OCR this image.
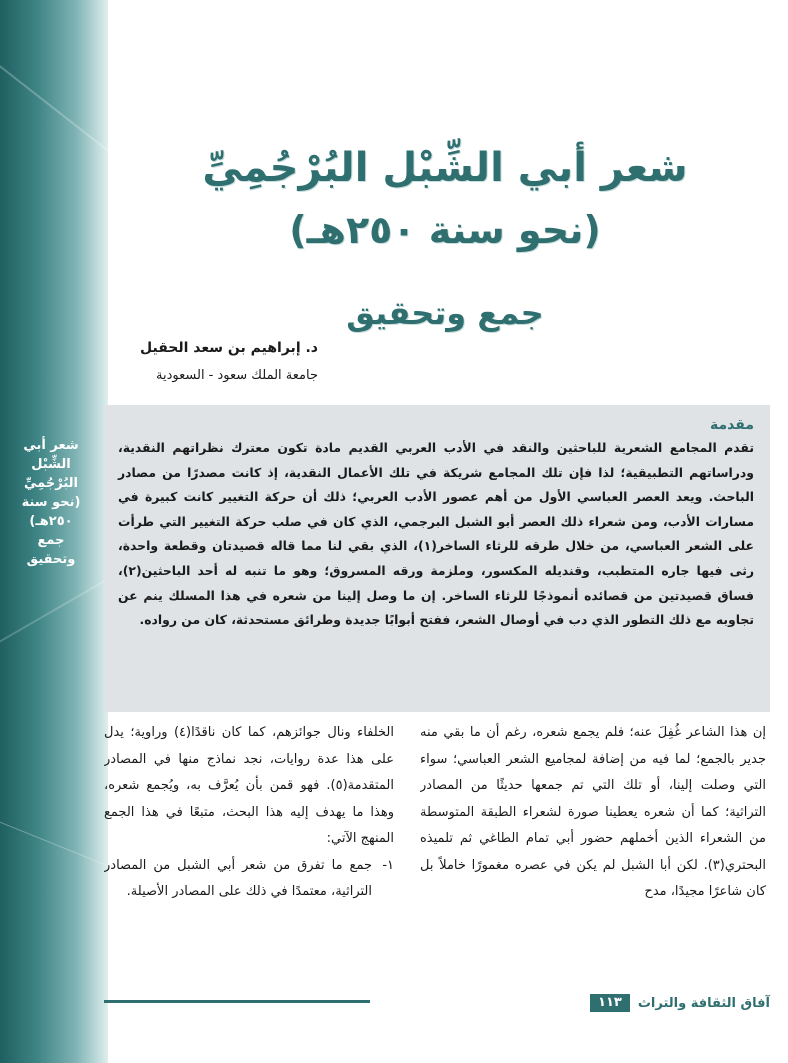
شعر أبي
الشِّبْل
البُرْجُمِيِّ
(نحو سنة
٢٥٠هـ)
جمع
وتحقيق
شعر أبي الشِّبْل البُرْجُمِيِّ
(نحو سنة ٢٥٠هـ)
جمع وتحقيق
د. إبراهيم بن سعد الحقيل
جامعة الملك سعود - السعودية
مقدمة

تقدم المجامع الشعرية للباحثين والنقد في الأدب العربي القديم مادة تكون معترك نظراتهم النقدية، ودراساتهم التطبيقية؛ لذا فإن تلك المجامع شريكة في تلك الأعمال النقدية، إذ كانت مصدرًا من مصادر الباحث. ويعد العصر العباسي الأول من أهم عصور الأدب العربي؛ ذلك أن حركة التغيير كانت كبيرة في مسارات الأدب، ومن شعراء ذلك العصر أبو الشبل البرجمي، الذي كان في صلب حركة التغيير التي طرأت على الشعر العباسي، من خلال طرقه للرثاء الساخر(١)، الذي بقي لنا مما قاله قصيدتان وقطعة واحدة، رثى فيها جاره المتطبب، وقنديله المكسور، وملزمة ورقه المسروق؛ وهو ما تنبه له أحد الباحثين(٢)، فساق قصيدتين من قصائده أنموذجًا للرثاء الساخر. إن ما وصل إلينا من شعره في هذا المسلك ينم عن تجاوبه مع ذلك التطور الذي دب في أوصال الشعر، ففتح أبوابًا جديدة وطرائق مستحدثة، كان من رواده.

إن هذا الشاعر غُفِلَ عنه؛ فلم يجمع شعره، رغم أن ما بقي منه جدير بالجمع؛ لما فيه من إضافة لمجاميع الشعر العباسي؛ سواء التي وصلت إلينا، أو تلك التي تم جمعها حديثًا من المصادر التراثية؛ كما أن شعره يعطينا صورة لشعراء الطبقة المتوسطة من الشعراء الذين أخملهم حضور أبي تمام الطاغي ثم تلميذه البحتري(٣). لكن أبا الشبل لم يكن في عصره مغمورًا خاملاً بل كان شاعرًا مجيدًا، مدح

الخلفاء ونال جوائزهم، كما كان ناقدًا(٤) وراوية؛ يدل على هذا عدة روايات، نجد نماذج منها في المصادر المتقدمة(٥). فهو قمن بأن يُعرَّف به، ويُجمع شعره، وهذا ما يهدف إليه هذا البحث، متبعًا في هذا الجمع المنهج الآتي:

١-
جمع ما تفرق من شعر أبي الشبل من المصادر التراثية، معتمدًا في ذلك على المصادر الأصيلة.

آفاق الثقافة والتراث
١١٣
